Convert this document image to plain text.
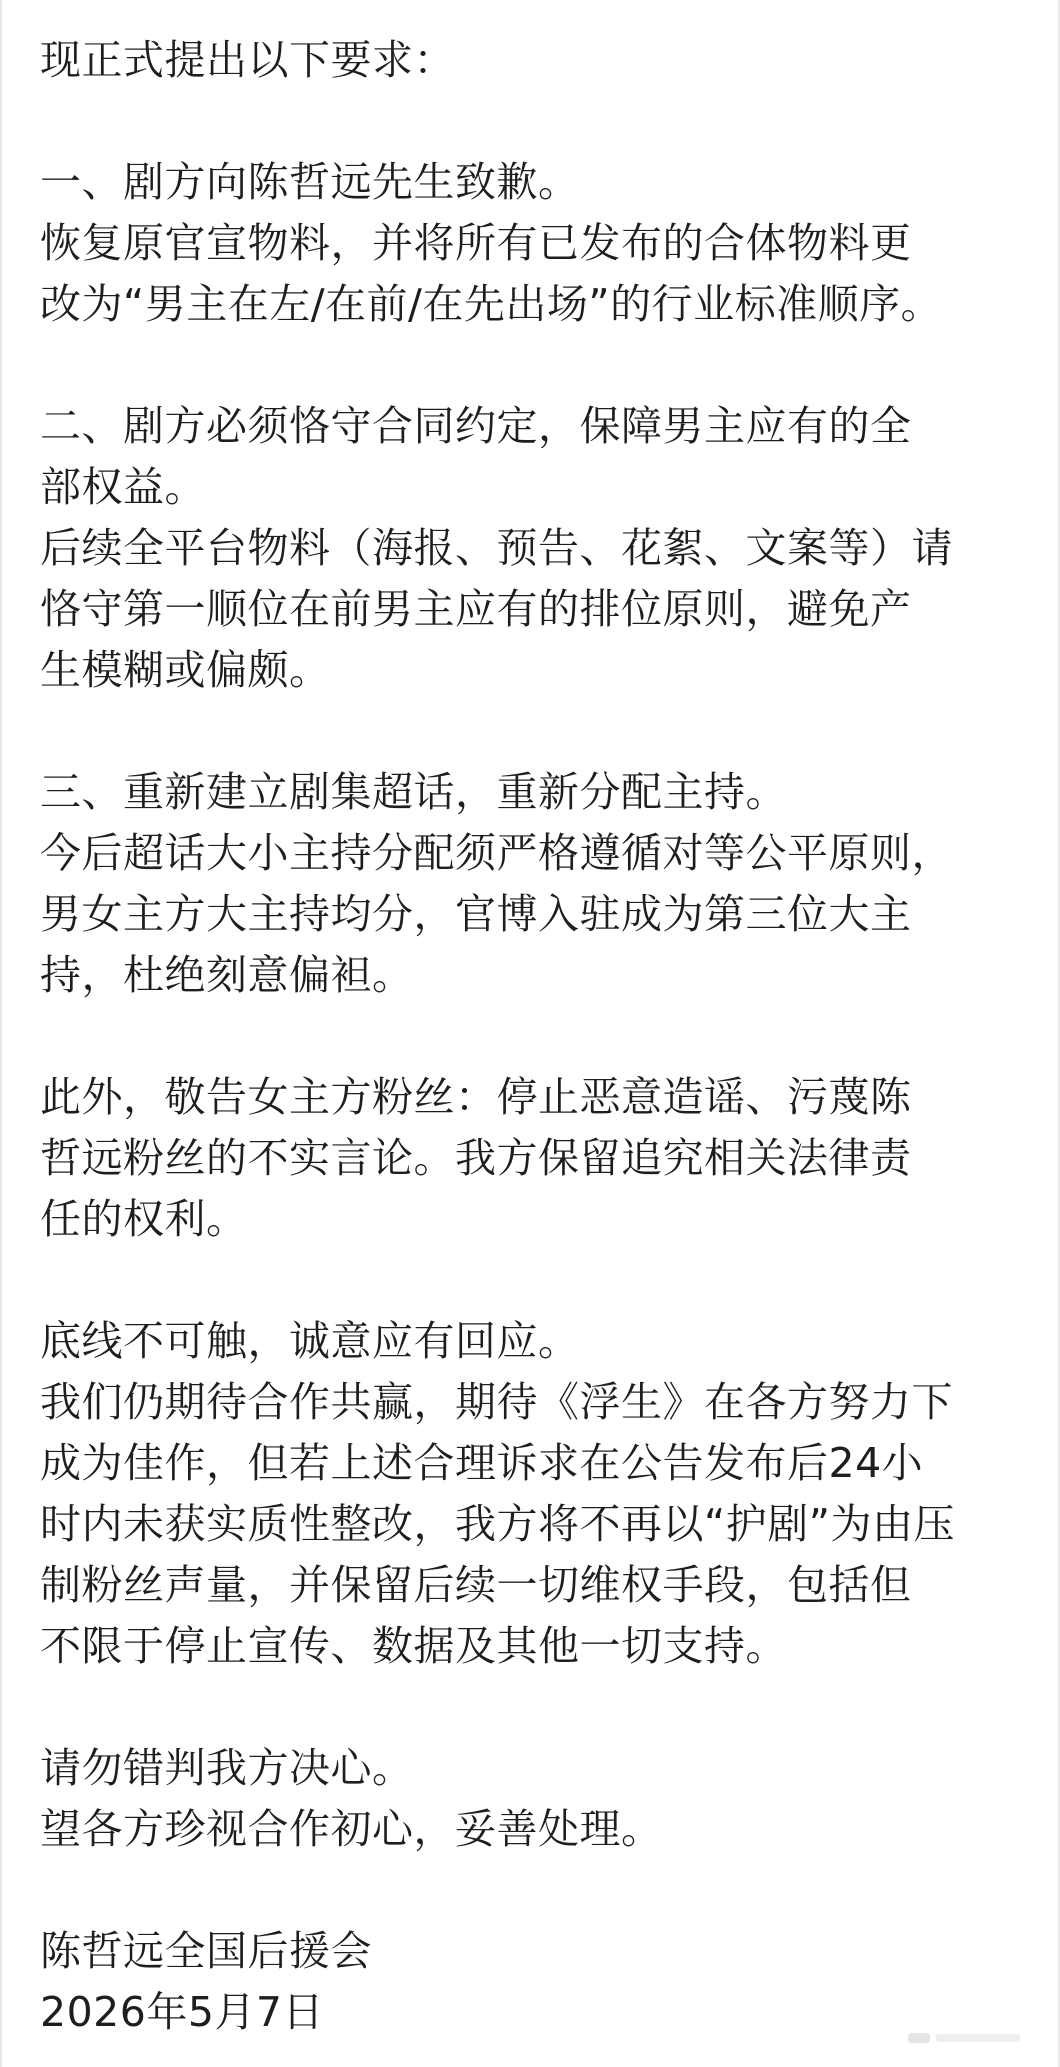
现正式提出以下要求：
一、剧方向陈哲远先生致歉。
恢复原官宣物料，并将所有已发布的合体物料更
改为“男主在左/在前/在先出场”的行业标准顺序。
二、剧方必须恪守合同约定，保障男主应有的全
部权益。
后续全平台物料（海报、预告、花絮、文案等）请
恪守第一顺位在前男主应有的排位原则，避免产
生模糊或偏颇。
三、重新建立剧集超话，重新分配主持。
今后超话大小主持分配须严格遵循对等公平原则，
男女主方大主持均分，官博入驻成为第三位大主
持，杜绝刻意偏袒。
此外，敬告女主方粉丝：停止恶意造谣、污蔑陈
哲远粉丝的不实言论。我方保留追究相关法律责
任的权利。
底线不可触，诚意应有回应。
我们仍期待合作共赢，期待《浮生》在各方努力下
成为佳作，但若上述合理诉求在公告发布后24小
时内未获实质性整改，我方将不再以“护剧”为由压
制粉丝声量，并保留后续一切维权手段，包括但
不限于停止宣传、数据及其他一切支持。
请勿错判我方决心。
望各方珍视合作初心，妥善处理。
陈哲远全国后援会
2026年5月7日
